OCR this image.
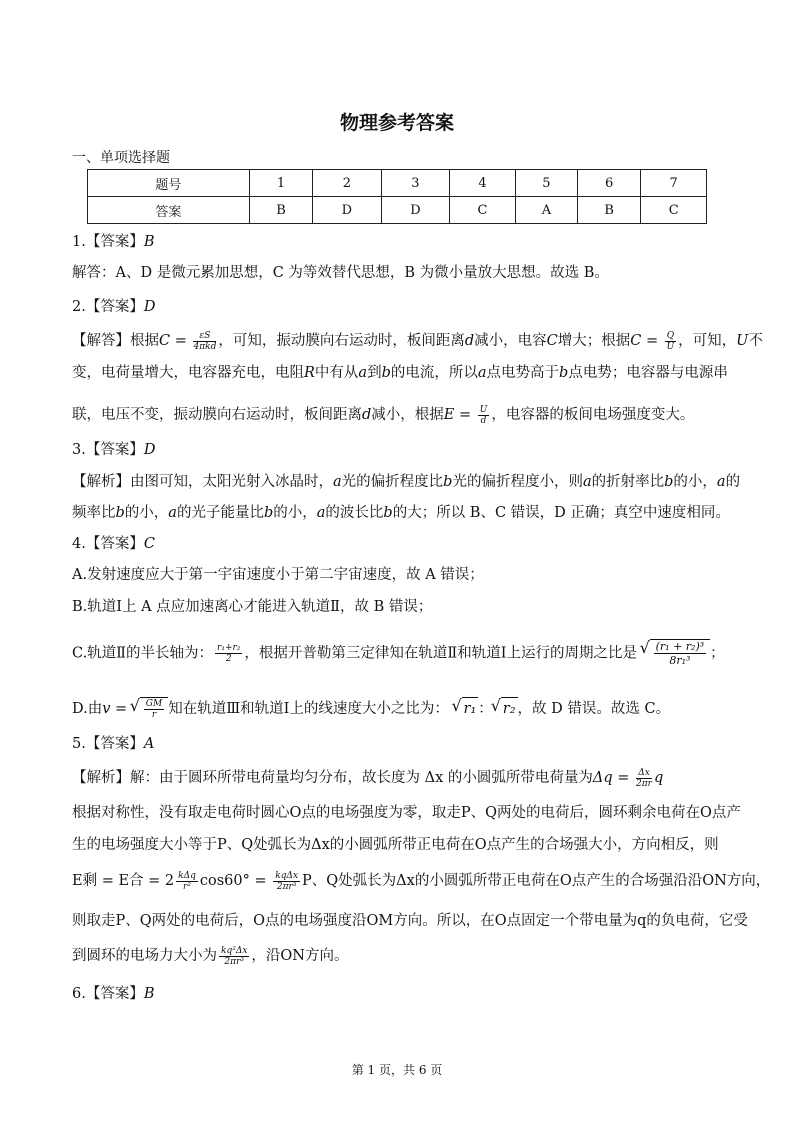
物理参考答案
一、单项选择题
题号	1	2	3	4	5	6	7
答案	B	D	D	C	A	B	C
1.【答案】B
解答：A、D 是微元累加思想，C 为等效替代思想，B 为微小量放大思想。故选 B。
2.【答案】D
【解答】根据$C = \frac{\varepsilon S}{\text{4πkd}}$ ，可知，振动膜向右运动时，板间距离d减小，电容C增大；根据$C = \frac{Q}{U}$ ，可知，U不
变，电荷量增大，电容器充电，电阻R中有从a到b的电流，所以a点电势高于b点电势；电容器与电源串
联，电压不变，振动膜向右运动时，板间距离d减小，根据$E = \frac{U}{d}$ ，电容器的板间电场强度变大。
3.【答案】D
【解析】由图可知，太阳光射入冰晶时，a光的偏折程度比b光的偏折程度小，则a的折射率比b的小，a的
频率比b的小，a的光子能量比b的小，a的波长比b的大；所以 B、C 错误，D 正确；真空中速度相同。
4.【答案】C
A.发射速度应大于第一宇宙速度小于第二宇宙速度，故 A 错误；
B.轨道Ⅰ上 A 点应加速离心才能进入轨道Ⅱ，故 B 错误；
C.轨道Ⅱ的半长轴为： $\frac{\text{r₁+r₂}}{2}$ ，根据开普勒第三定律知在轨道Ⅱ和轨道Ⅰ上运行的周期之比是 √ $\frac{\text{(r₁ + r₂)³}}{\text{8r₁³}}$ ；
D.由v = √ $\frac{GM}{r}$ 知在轨道Ⅲ和轨道Ⅰ上的线速度大小之比为： √ r₁ ： √ r₂ ，故 D 错误。故选 C。
5.【答案】A
【解析】解：由于圆环所带电荷量均匀分布，故长度为 Δx 的小圆弧所带电荷量为$\Delta q = \frac{\Delta x}{2\pi r}$ q
根据对称性，没有取走电荷时圆心O点的电场强度为零，取走P、Q两处的电荷后，圆环剩余电荷在O点产
生的电场强度大小等于P、Q处弧长为Δx的小圆弧所带正电荷在O点产生的合场强大小，方向相反，则
E剩 = E合 = $2 \frac{\text{kΔq}}{\text{r²}} \cos 60^\circ = \frac{\text{kqΔx}}{\text{2πr³}}$ P、Q处弧长为Δx的小圆弧所带正电荷在O点产生的合场强沿沿ON方向，
则取走P、Q两处的电荷后，O点的电场强度沿OM方向。所以，在O点固定一个带电量为q的负电荷，它受
到圆环的电场力大小为 $\frac{\text{kq²Δx}}{\text{2πr³}}$ ，沿ON方向。
6.【答案】B
第 1 页，共 6 页
